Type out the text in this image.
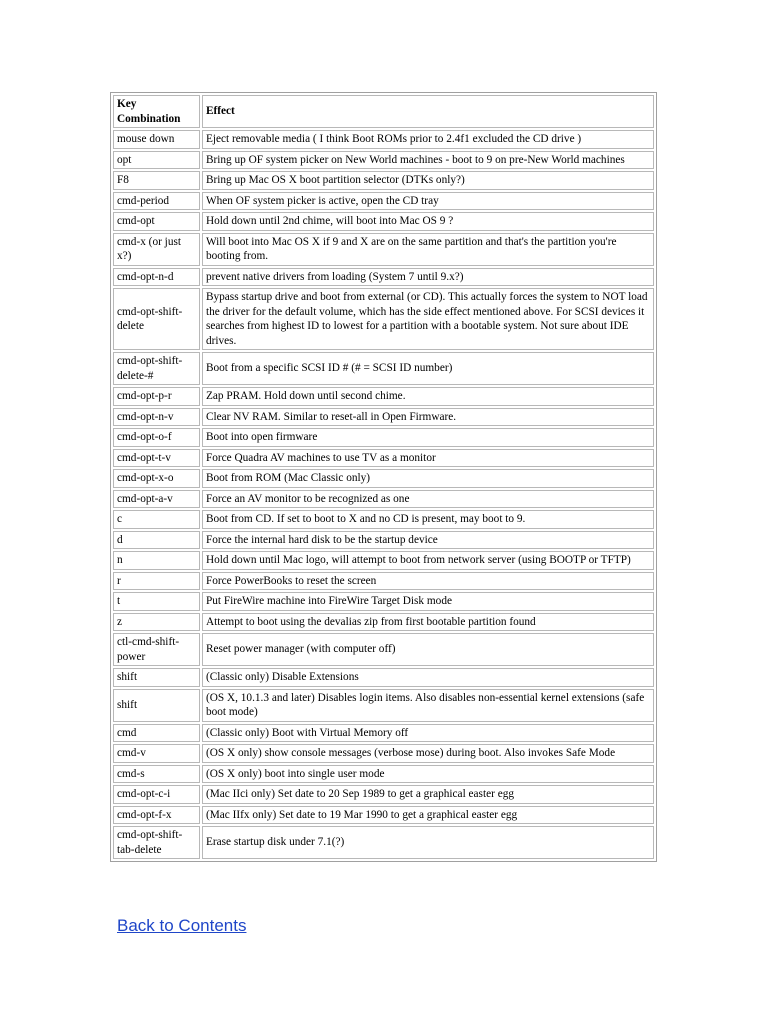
Key Combination	Effect
mouse down	Eject removable media ( I think Boot ROMs prior to 2.4f1 excluded the CD drive )
opt	Bring up OF system picker on New World machines - boot to 9 on pre-New World machines
F8	Bring up Mac OS X boot partition selector (DTKs only?)
cmd-period	When OF system picker is active, open the CD tray
cmd-opt	Hold down until 2nd chime, will boot into Mac OS 9 ?
cmd-x (or just x?)	Will boot into Mac OS X if 9 and X are on the same partition and that's the partition you're booting from.
cmd-opt-n-d	prevent native drivers from loading (System 7 until 9.x?)
cmd-opt-shift-delete	Bypass startup drive and boot from external (or CD). This actually forces the system to NOT load the driver for the default volume, which has the side effect mentioned above. For SCSI devices it searches from highest ID to lowest for a partition with a bootable system. Not sure about IDE drives.
cmd-opt-shift-delete-#	Boot from a specific SCSI ID # (# = SCSI ID number)
cmd-opt-p-r	Zap PRAM. Hold down until second chime.
cmd-opt-n-v	Clear NV RAM. Similar to reset-all in Open Firmware.
cmd-opt-o-f	Boot into open firmware
cmd-opt-t-v	Force Quadra AV machines to use TV as a monitor
cmd-opt-x-o	Boot from ROM (Mac Classic only)
cmd-opt-a-v	Force an AV monitor to be recognized as one
c	Boot from CD. If set to boot to X and no CD is present, may boot to 9.
d	Force the internal hard disk to be the startup device
n	Hold down until Mac logo, will attempt to boot from network server (using BOOTP or TFTP)
r	Force PowerBooks to reset the screen
t	Put FireWire machine into FireWire Target Disk mode
z	Attempt to boot using the devalias zip from first bootable partition found
ctl-cmd-shift-power	Reset power manager (with computer off)
shift	(Classic only) Disable Extensions
shift	(OS X, 10.1.3 and later) Disables login items. Also disables non-essential kernel extensions (safe boot mode)
cmd	(Classic only) Boot with Virtual Memory off
cmd-v	(OS X only) show console messages (verbose mose) during boot. Also invokes Safe Mode
cmd-s	(OS X only) boot into single user mode
cmd-opt-c-i	(Mac IIci only) Set date to 20 Sep 1989 to get a graphical easter egg
cmd-opt-f-x	(Mac IIfx only) Set date to 19 Mar 1990 to get a graphical easter egg
cmd-opt-shift-tab-delete	Erase startup disk under 7.1(?)
Back to Contents
